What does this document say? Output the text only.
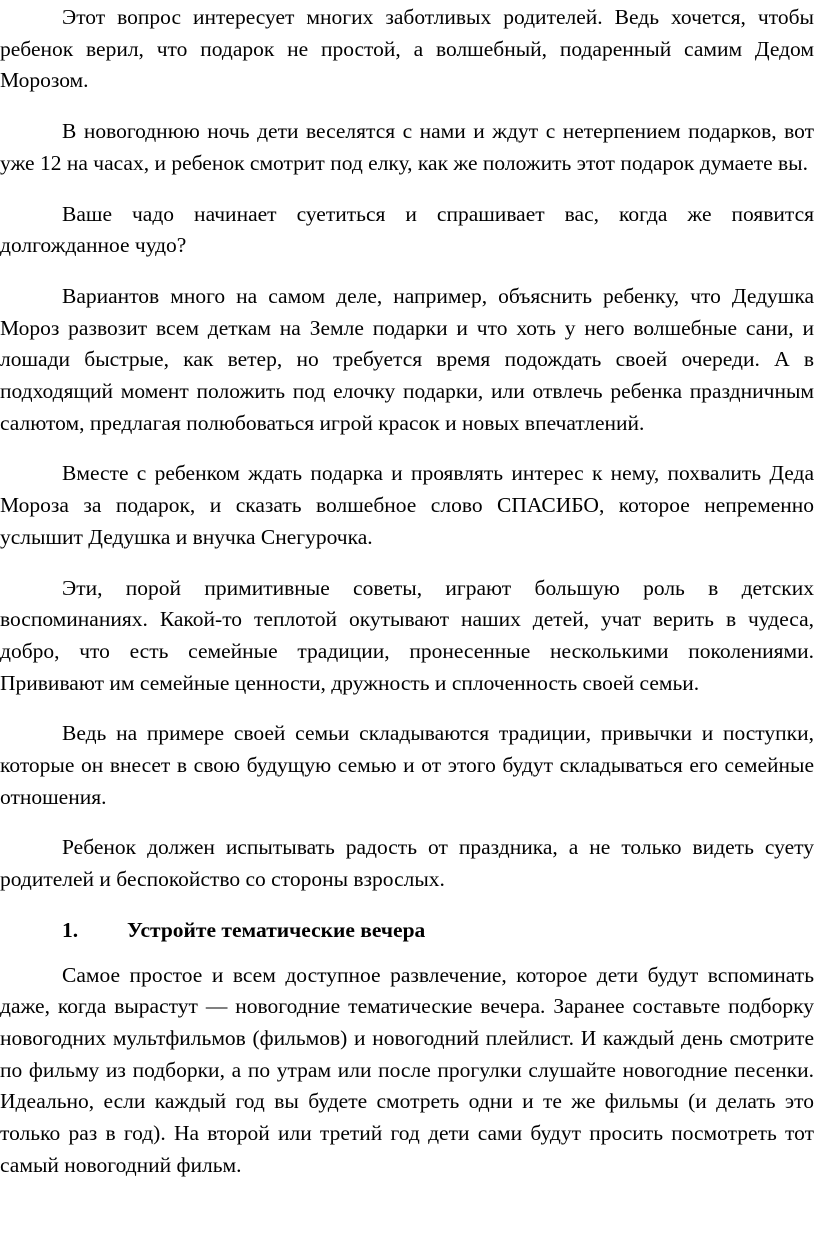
Этот вопрос интересует многих заботливых родителей. Ведь хочется, чтобы ребенок верил, что подарок не простой, а волшебный, подаренный самим Дедом Морозом.

В новогоднюю ночь дети веселятся с нами и ждут с нетерпением подарков, вот уже 12 на часах, и ребенок смотрит под елку, как же положить этот подарок думаете вы.

Ваше чадо начинает суетиться и спрашивает вас, когда же появится долгожданное чудо?

Вариантов много на самом деле, например, объяснить ребенку, что Дедушка Мороз развозит всем деткам на Земле подарки и что хоть у него волшебные сани, и лошади быстрые, как ветер, но требуется время подождать своей очереди. А в подходящий момент положить под елочку подарки, или отвлечь ребенка праздничным салютом, предлагая полюбоваться игрой красок и новых впечатлений.

Вместе с ребенком ждать подарка и проявлять интерес к нему, похвалить Деда Мороза за подарок, и сказать волшебное слово СПАСИБО, которое непременно услышит Дедушка и внучка Снегурочка.

Эти, порой примитивные советы, играют большую роль в детских воспоминаниях. Какой-то теплотой окутывают наших детей, учат верить в чудеса, добро, что есть семейные традиции, пронесенные несколькими поколениями. Прививают им семейные ценности, дружность и сплоченность своей семьи.

Ведь на примере своей семьи складываются традиции, привычки и поступки, которые он внесет в свою будущую семью и от этого будут складываться его семейные отношения.

Ребенок должен испытывать радость от праздника, а не только видеть суету родителей и беспокойство со стороны взрослых.

1.	Устройте тематические вечера

Самое простое и всем доступное развлечение, которое дети будут вспоминать даже, когда вырастут — новогодние тематические вечера. Заранее составьте подборку новогодних мультфильмов (фильмов) и новогодний плейлист. И каждый день смотрите по фильму из подборки, а по утрам или после прогулки слушайте новогодние песенки. Идеально, если каждый год вы будете смотреть одни и те же фильмы (и делать это только раз в год). На второй или третий год дети сами будут просить посмотреть тот самый новогодний фильм.
